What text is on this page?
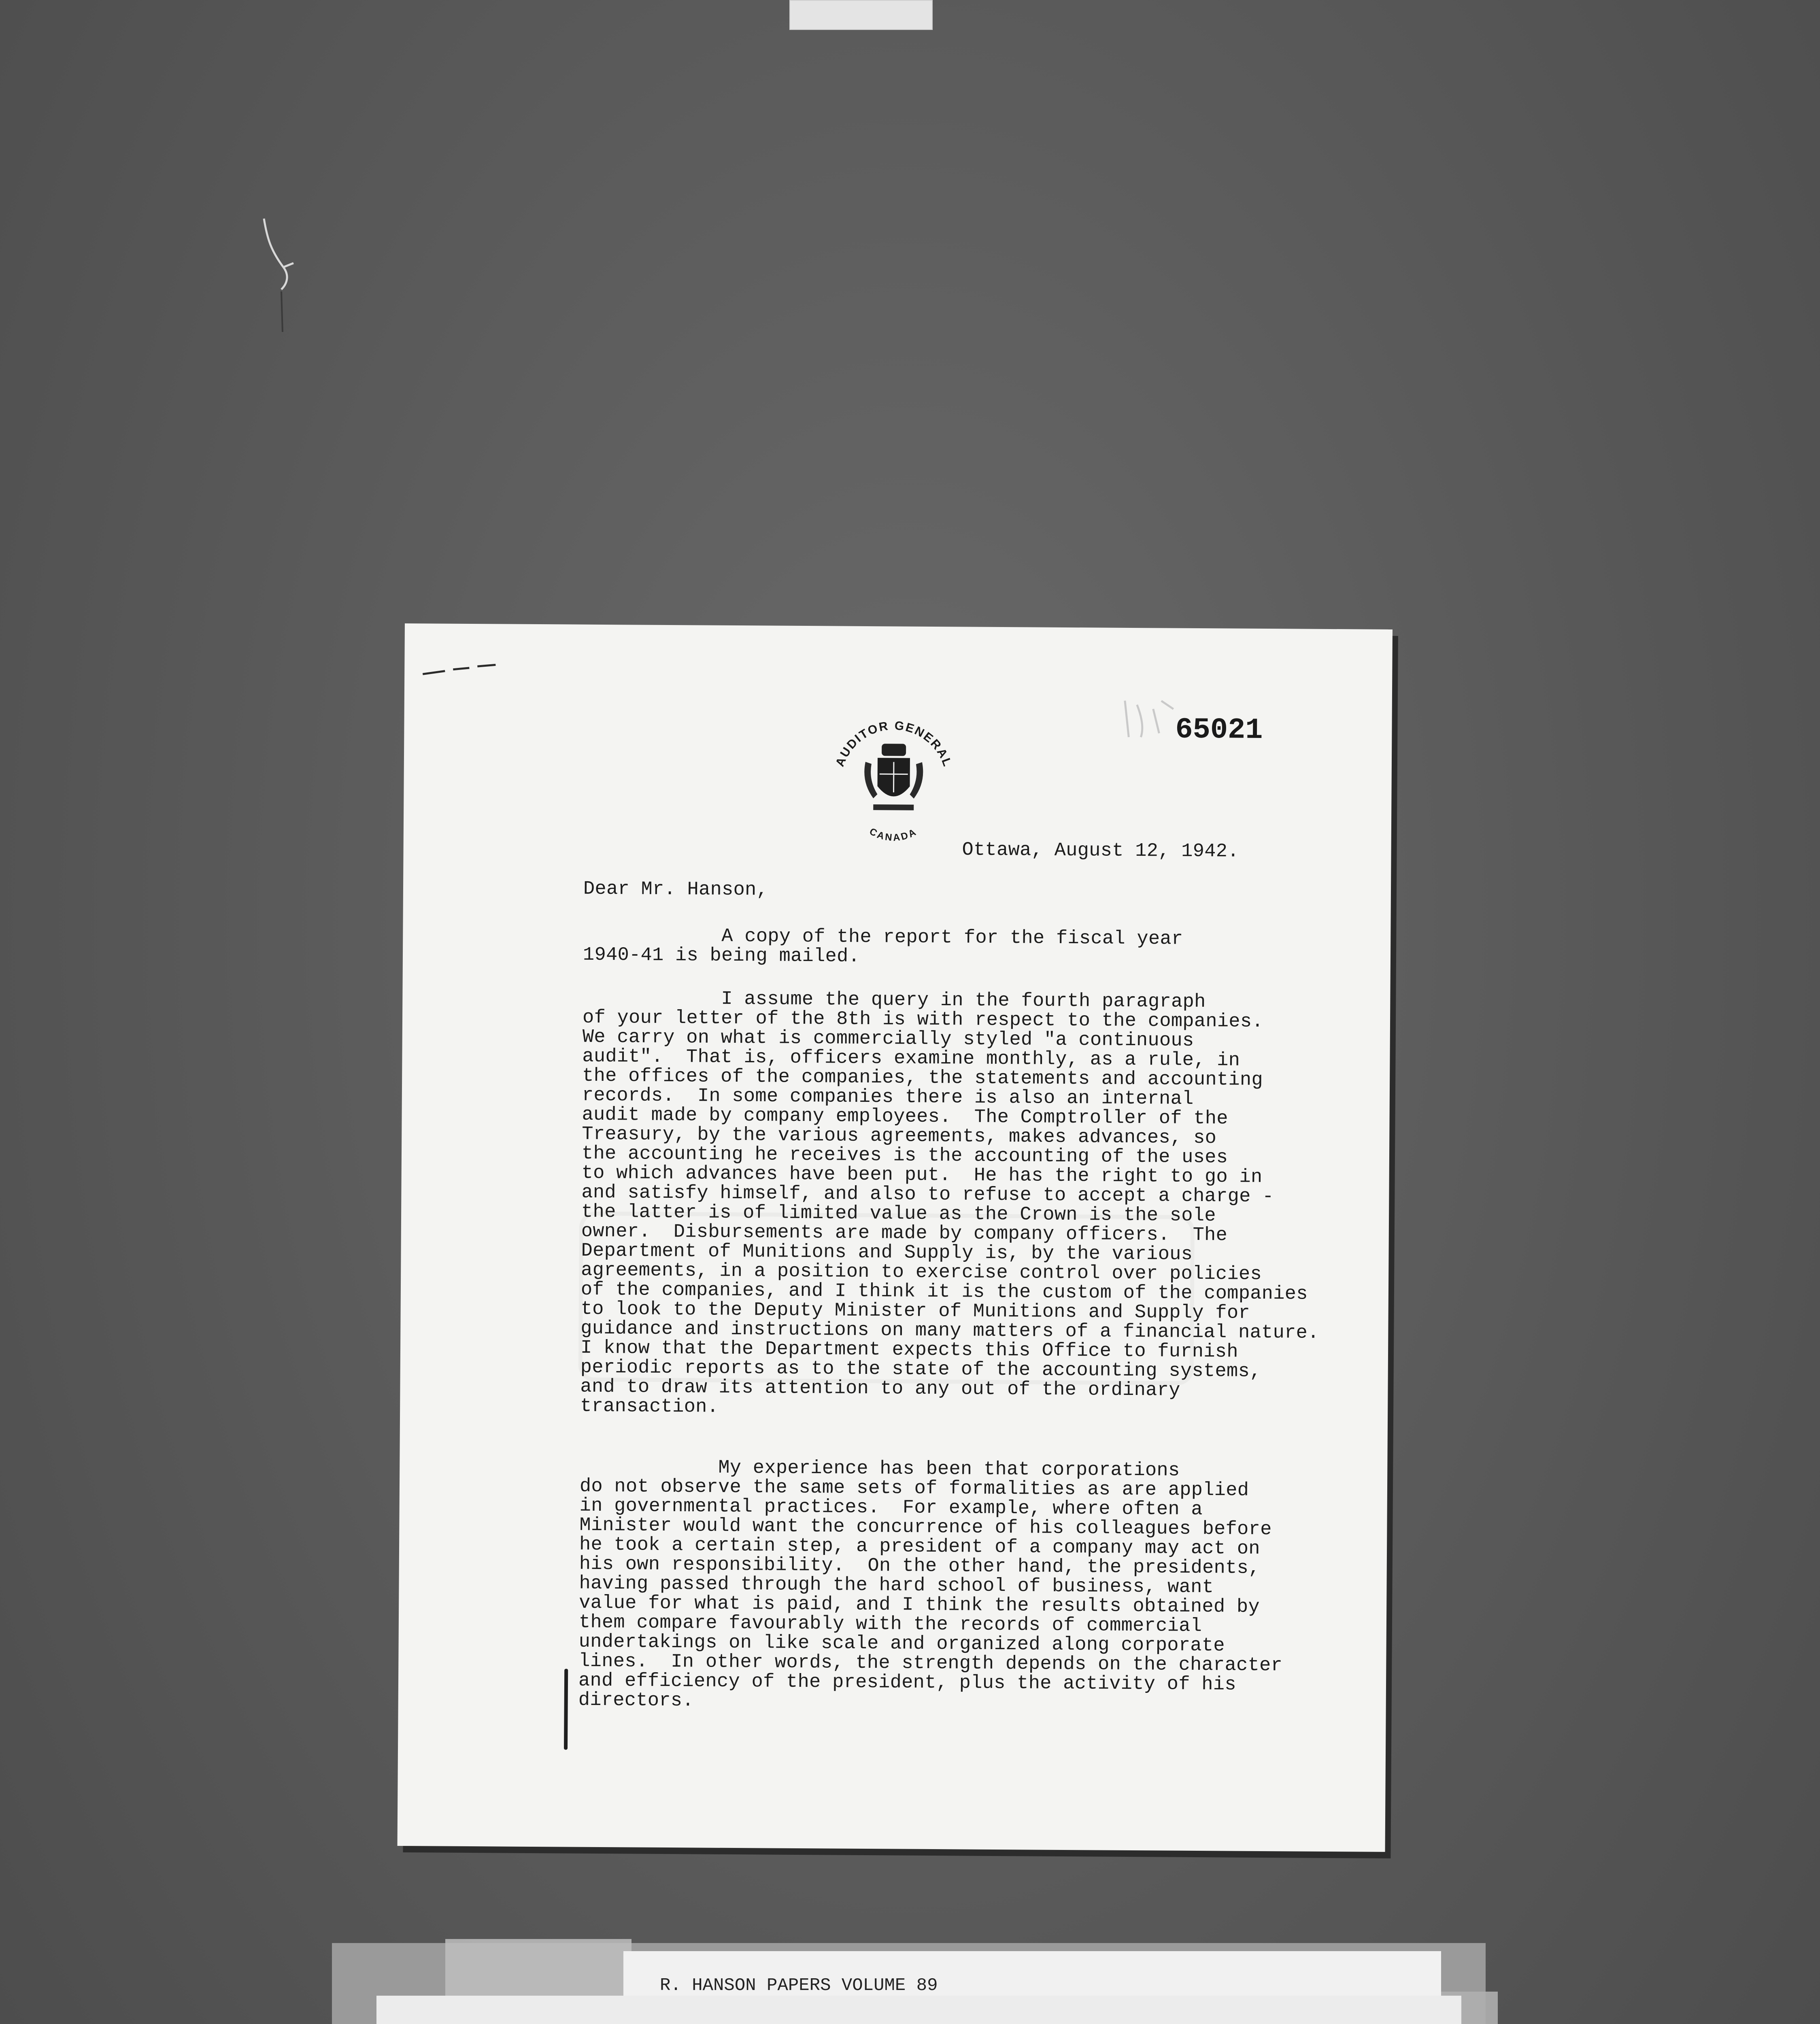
AUDITOR GENERAL
CANADA
65021
Ottawa, August 12, 1942.
Dear Mr. Hanson,
A copy of the report for the fiscal year
1940-41 is being mailed.
I assume the query in the fourth paragraph
of your letter of the 8th is with respect to the companies.
We carry on what is commercially styled "a continuous
audit".  That is, officers examine monthly, as a rule, in
the offices of the companies, the statements and accounting
records.  In some companies there is also an internal
audit made by company employees.  The Comptroller of the
Treasury, by the various agreements, makes advances, so
the accounting he receives is the accounting of the uses
to which advances have been put.  He has the right to go in
and satisfy himself, and also to refuse to accept a charge -
the latter is of limited value as the Crown is the sole
owner.  Disbursements are made by company officers.  The
Department of Munitions and Supply is, by the various
agreements, in a position to exercise control over policies
of the companies, and I think it is the custom of the companies
to look to the Deputy Minister of Munitions and Supply for
guidance and instructions on many matters of a financial nature.
I know that the Department expects this Office to furnish
periodic reports as to the state of the accounting systems,
and to draw its attention to any out of the ordinary
transaction.
My experience has been that corporations
do not observe the same sets of formalities as are applied
in governmental practices.  For example, where often a
Minister would want the concurrence of his colleagues before
he took a certain step, a president of a company may act on
his own responsibility.  On the other hand, the presidents,
having passed through the hard school of business, want
value for what is paid, and I think the results obtained by
them compare favourably with the records of commercial
undertakings on like scale and organized along corporate
lines.  In other words, the strength depends on the character
and efficiency of the president, plus the activity of his
directors.
R. HANSON PAPERS VOLUME 89
